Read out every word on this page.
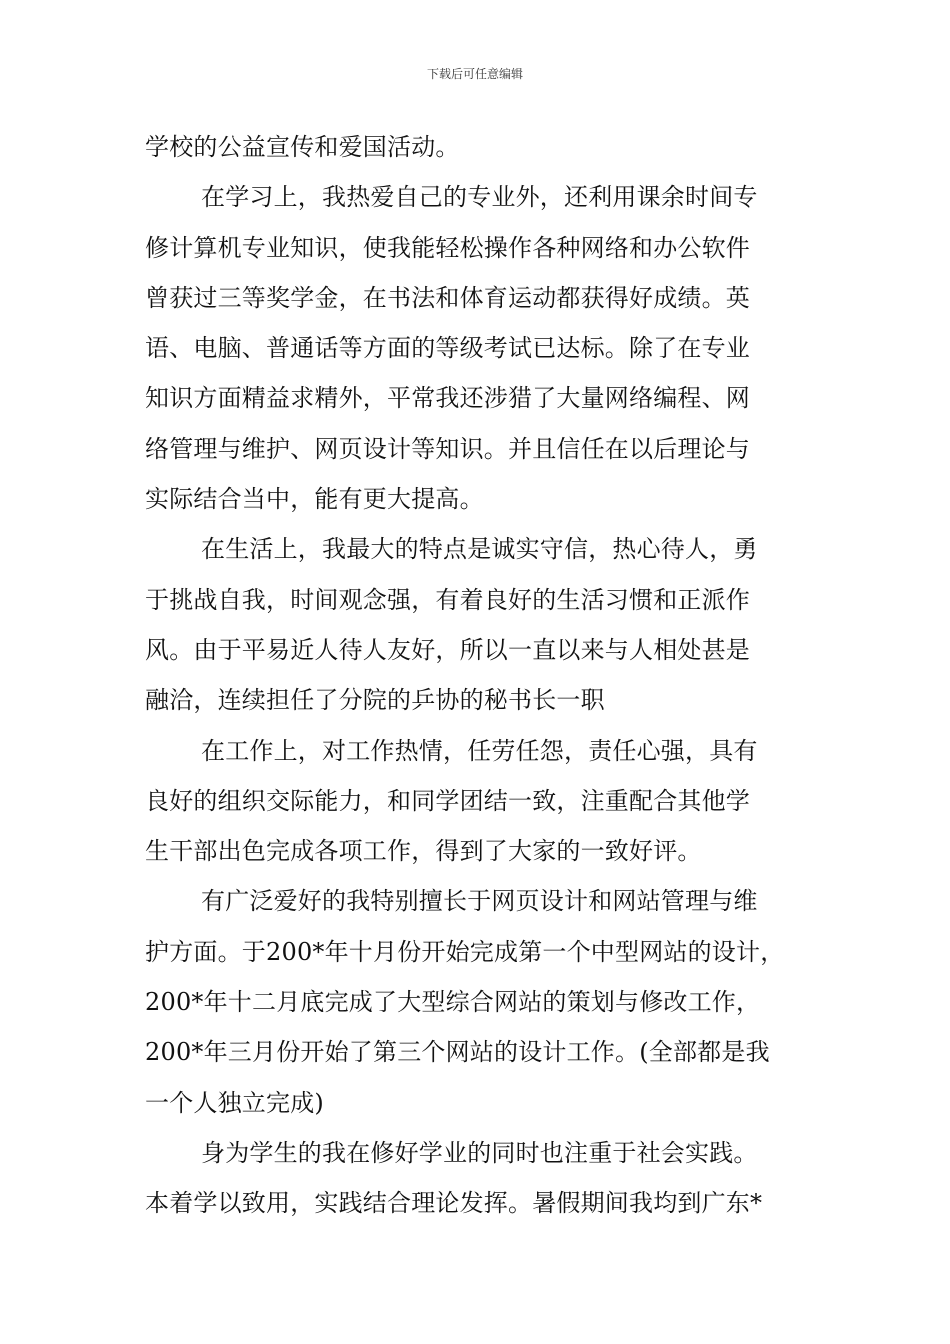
下载后可任意编辑
学校的公益宣传和爱国活动。
在学习上，我热爱自己的专业外，还利用课余时间专
修计算机专业知识，使我能轻松操作各种网络和办公软件
曾获过三等奖学金，在书法和体育运动都获得好成绩。英
语、电脑、普通话等方面的等级考试已达标。除了在专业
知识方面精益求精外，平常我还涉猎了大量网络编程、网
络管理与维护、网页设计等知识。并且信任在以后理论与
实际结合当中，能有更大提高。
在生活上，我最大的特点是诚实守信，热心待人，勇
于挑战自我，时间观念强，有着良好的生活习惯和正派作
风。由于平易近人待人友好，所以一直以来与人相处甚是
融洽，连续担任了分院的乒协的秘书长一职
在工作上，对工作热情，任劳任怨，责任心强，具有
良好的组织交际能力，和同学团结一致，注重配合其他学
生干部出色完成各项工作，得到了大家的一致好评。
有广泛爱好的我特别擅长于网页设计和网站管理与维
护方面。于200*年十月份开始完成第一个中型网站的设计，
200*年十二月底完成了大型综合网站的策划与修改工作，
200*年三月份开始了第三个网站的设计工作。(全部都是我
一个人独立完成)
身为学生的我在修好学业的同时也注重于社会实践。
本着学以致用，实践结合理论发挥。暑假期间我均到广东*
